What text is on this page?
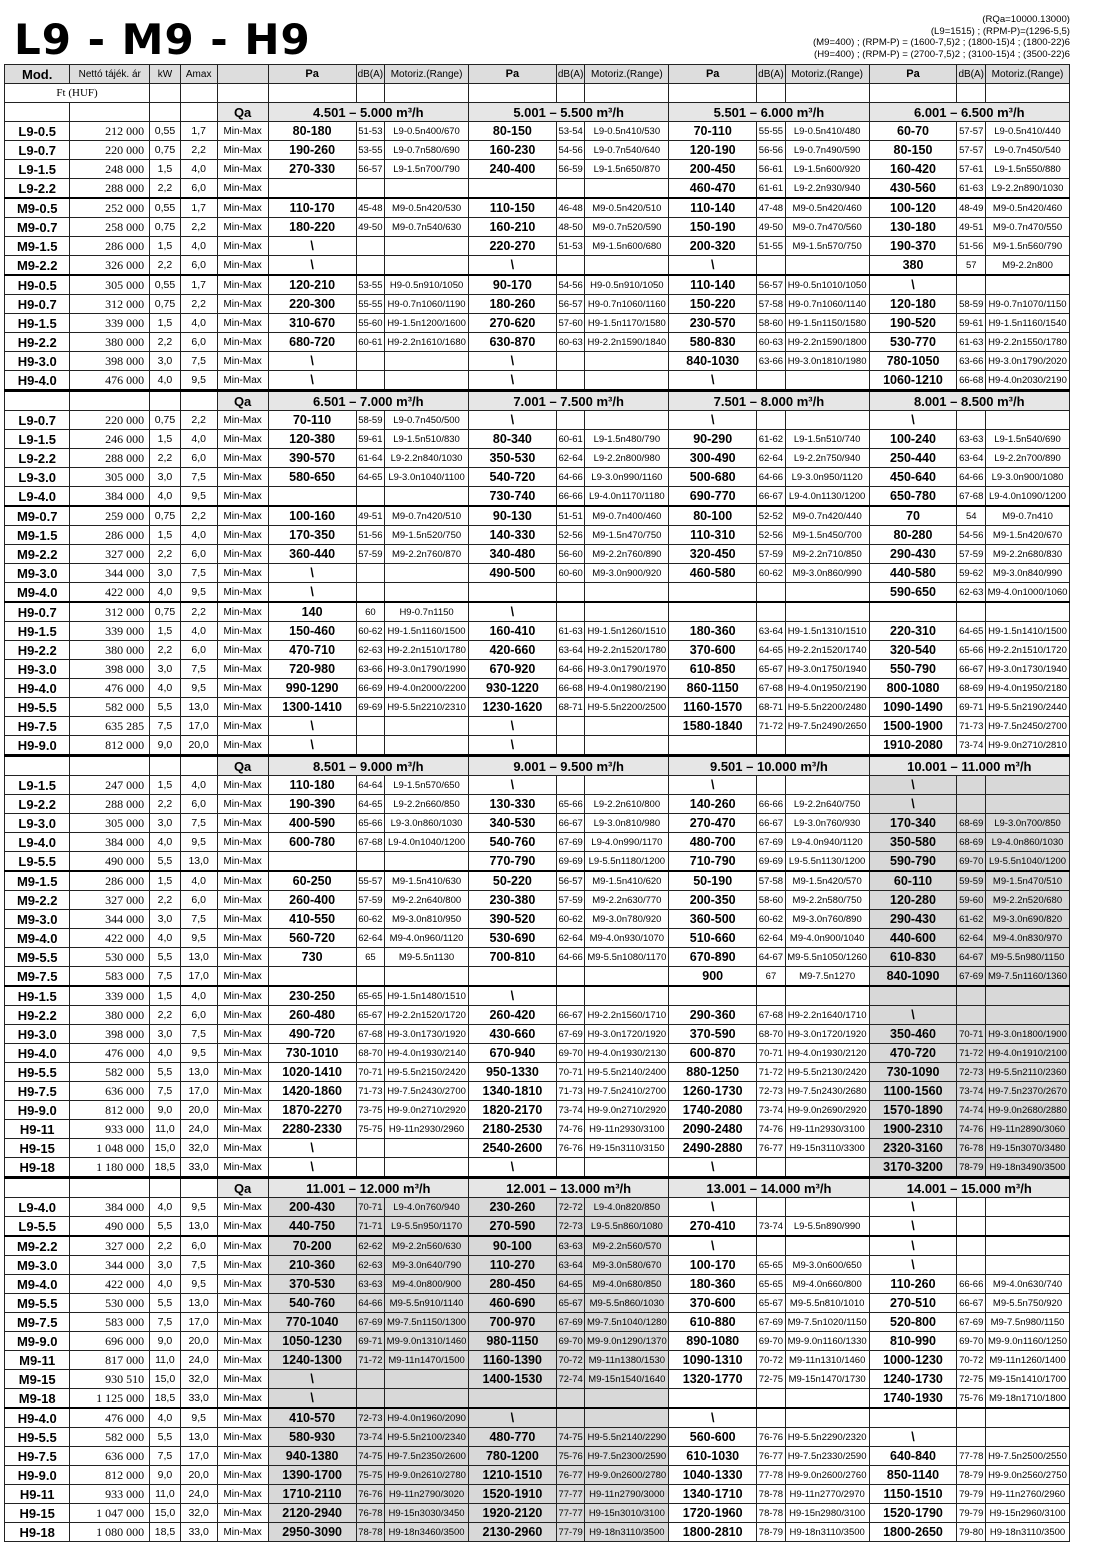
L9 - M9 - H9	(RQa=10000.13000)
(L9=1515) ; (RPM-P)=(1296-5,5)
(M9=400) ; (RPM-P) = (1600-7,5)2 ; (1800-15)4 ; (1800-22)6
(H9=400) ; (RPM-P) = (2700-7,5)2 ; (3100-15)4 ; (3500-22)6
Mod.	Nettó tájék. ár	kW	Amax		Pa	dB(A)	Motoriz.(Range)	Pa	dB(A)	Motoriz.(Range)	Pa	dB(A)	Motoriz.(Range)	Pa	dB(A)	Motoriz.(Range)
Ft (HUF)																
				Qa	4.501 – 5.000 m³/h			5.001 – 5.500 m³/h			5.501 – 6.000 m³/h			6.001 – 6.500 m³/h		
L9-0.5	212 000	0,55	1,7	Min-Max	80-180	51-53	L9-0.5n400/670	80-150	53-54	L9-0.5n410/530	70-110	55-55	L9-0.5n410/480	60-70	57-57	L9-0.5n410/440
L9-0.7	220 000	0,75	2,2	Min-Max	190-260	53-55	L9-0.7n580/690	160-230	54-56	L9-0.7n540/640	120-190	56-56	L9-0.7n490/590	80-150	57-57	L9-0.7n450/540
L9-1.5	248 000	1,5	4,0	Min-Max	270-330	56-57	L9-1.5n700/790	240-400	56-59	L9-1.5n650/870	200-450	56-61	L9-1.5n600/920	160-420	57-61	L9-1.5n550/880
L9-2.2	288 000	2,2	6,0	Min-Max							460-470	61-61	L9-2.2n930/940	430-560	61-63	L9-2.2n890/1030
M9-0.5	252 000	0,55	1,7	Min-Max	110-170	45-48	M9-0.5n420/530	110-150	46-48	M9-0.5n420/510	110-140	47-48	M9-0.5n420/460	100-120	48-49	M9-0.5n420/460
M9-0.7	258 000	0,75	2,2	Min-Max	180-220	49-50	M9-0.7n540/630	160-210	48-50	M9-0.7n520/590	150-190	49-50	M9-0.7n470/560	130-180	49-51	M9-0.7n470/550
M9-1.5	286 000	1,5	4,0	Min-Max	\			220-270	51-53	M9-1.5n600/680	200-320	51-55	M9-1.5n570/750	190-370	51-56	M9-1.5n560/790
M9-2.2	326 000	2,2	6,0	Min-Max	\			\			\			380	57	M9-2.2n800
H9-0.5	305 000	0,55	1,7	Min-Max	120-210	53-55	H9-0.5n910/1050	90-170	54-56	H9-0.5n910/1050	110-140	56-57	H9-0.5n1010/1050	\		
H9-0.7	312 000	0,75	2,2	Min-Max	220-300	55-55	H9-0.7n1060/1190	180-260	56-57	H9-0.7n1060/1160	150-220	57-58	H9-0.7n1060/1140	120-180	58-59	H9-0.7n1070/1150
H9-1.5	339 000	1,5	4,0	Min-Max	310-670	55-60	H9-1.5n1200/1600	270-620	57-60	H9-1.5n1170/1580	230-570	58-60	H9-1.5n1150/1580	190-520	59-61	H9-1.5n1160/1540
H9-2.2	380 000	2,2	6,0	Min-Max	680-720	60-61	H9-2.2n1610/1680	630-870	60-63	H9-2.2n1590/1840	580-830	60-63	H9-2.2n1590/1800	530-770	61-63	H9-2.2n1550/1780
H9-3.0	398 000	3,0	7,5	Min-Max	\			\			840-1030	63-66	H9-3.0n1810/1980	780-1050	63-66	H9-3.0n1790/2020
H9-4.0	476 000	4,0	9,5	Min-Max	\			\			\			1060-1210	66-68	H9-4.0n2030/2190
				Qa	6.501 – 7.000 m³/h			7.001 – 7.500 m³/h			7.501 – 8.000 m³/h			8.001 – 8.500 m³/h		
L9-0.7	220 000	0,75	2,2	Min-Max	70-110	58-59	L9-0.7n450/500	\			\			\		
L9-1.5	246 000	1,5	4,0	Min-Max	120-380	59-61	L9-1.5n510/830	80-340	60-61	L9-1.5n480/790	90-290	61-62	L9-1.5n510/740	100-240	63-63	L9-1.5n540/690
L9-2.2	288 000	2,2	6,0	Min-Max	390-570	61-64	L9-2.2n840/1030	350-530	62-64	L9-2.2n800/980	300-490	62-64	L9-2.2n750/940	250-440	63-64	L9-2.2n700/890
L9-3.0	305 000	3,0	7,5	Min-Max	580-650	64-65	L9-3.0n1040/1100	540-720	64-66	L9-3.0n990/1160	500-680	64-66	L9-3.0n950/1120	450-640	64-66	L9-3.0n900/1080
L9-4.0	384 000	4,0	9,5	Min-Max				730-740	66-66	L9-4.0n1170/1180	690-770	66-67	L9-4.0n1130/1200	650-780	67-68	L9-4.0n1090/1200
M9-0.7	259 000	0,75	2,2	Min-Max	100-160	49-51	M9-0.7n420/510	90-130	51-51	M9-0.7n400/460	80-100	52-52	M9-0.7n420/440	70	54	M9-0.7n410
M9-1.5	286 000	1,5	4,0	Min-Max	170-350	51-56	M9-1.5n520/750	140-330	52-56	M9-1.5n470/750	110-310	52-56	M9-1.5n450/700	80-280	54-56	M9-1.5n420/670
M9-2.2	327 000	2,2	6,0	Min-Max	360-440	57-59	M9-2.2n760/870	340-480	56-60	M9-2.2n760/890	320-450	57-59	M9-2.2n710/850	290-430	57-59	M9-2.2n680/830
M9-3.0	344 000	3,0	7,5	Min-Max	\			490-500	60-60	M9-3.0n900/920	460-580	60-62	M9-3.0n860/990	440-580	59-62	M9-3.0n840/990
M9-4.0	422 000	4,0	9,5	Min-Max	\									590-650	62-63	M9-4.0n1000/1060
H9-0.7	312 000	0,75	2,2	Min-Max	140	60	H9-0.7n1150	\								
H9-1.5	339 000	1,5	4,0	Min-Max	150-460	60-62	H9-1.5n1160/1500	160-410	61-63	H9-1.5n1260/1510	180-360	63-64	H9-1.5n1310/1510	220-310	64-65	H9-1.5n1410/1500
H9-2.2	380 000	2,2	6,0	Min-Max	470-710	62-63	H9-2.2n1510/1780	420-660	63-64	H9-2.2n1520/1780	370-600	64-65	H9-2.2n1520/1740	320-540	65-66	H9-2.2n1510/1720
H9-3.0	398 000	3,0	7,5	Min-Max	720-980	63-66	H9-3.0n1790/1990	670-920	64-66	H9-3.0n1790/1970	610-850	65-67	H9-3.0n1750/1940	550-790	66-67	H9-3.0n1730/1940
H9-4.0	476 000	4,0	9,5	Min-Max	990-1290	66-69	H9-4.0n2000/2200	930-1220	66-68	H9-4.0n1980/2190	860-1150	67-68	H9-4.0n1950/2190	800-1080	68-69	H9-4.0n1950/2180
H9-5.5	582 000	5,5	13,0	Min-Max	1300-1410	69-69	H9-5.5n2210/2310	1230-1620	68-71	H9-5.5n2200/2500	1160-1570	68-71	H9-5.5n2200/2480	1090-1490	69-71	H9-5.5n2190/2440
H9-7.5	635 285	7,5	17,0	Min-Max	\			\			1580-1840	71-72	H9-7.5n2490/2650	1500-1900	71-73	H9-7.5n2450/2700
H9-9.0	812 000	9,0	20,0	Min-Max	\			\						1910-2080	73-74	H9-9.0n2710/2810
				Qa	8.501 – 9.000 m³/h			9.001 – 9.500 m³/h			9.501 – 10.000 m³/h			10.001 – 11.000 m³/h		
L9-1.5	247 000	1,5	4,0	Min-Max	110-180	64-64	L9-1.5n570/650	\			\			\		
L9-2.2	288 000	2,2	6,0	Min-Max	190-390	64-65	L9-2.2n660/850	130-330	65-66	L9-2.2n610/800	140-260	66-66	L9-2.2n640/750	\		
L9-3.0	305 000	3,0	7,5	Min-Max	400-590	65-66	L9-3.0n860/1030	340-530	66-67	L9-3.0n810/980	270-470	66-67	L9-3.0n760/930	170-340	68-69	L9-3.0n700/850
L9-4.0	384 000	4,0	9,5	Min-Max	600-780	67-68	L9-4.0n1040/1200	540-760	67-69	L9-4.0n990/1170	480-700	67-69	L9-4.0n940/1120	350-580	68-69	L9-4.0n860/1030
L9-5.5	490 000	5,5	13,0	Min-Max				770-790	69-69	L9-5.5n1180/1200	710-790	69-69	L9-5.5n1130/1200	590-790	69-70	L9-5.5n1040/1200
M9-1.5	286 000	1,5	4,0	Min-Max	60-250	55-57	M9-1.5n410/630	50-220	56-57	M9-1.5n410/620	50-190	57-58	M9-1.5n420/570	60-110	59-59	M9-1.5n470/510
M9-2.2	327 000	2,2	6,0	Min-Max	260-400	57-59	M9-2.2n640/800	230-380	57-59	M9-2.2n630/770	200-350	58-60	M9-2.2n580/750	120-280	59-60	M9-2.2n520/680
M9-3.0	344 000	3,0	7,5	Min-Max	410-550	60-62	M9-3.0n810/950	390-520	60-62	M9-3.0n780/920	360-500	60-62	M9-3.0n760/890	290-430	61-62	M9-3.0n690/820
M9-4.0	422 000	4,0	9,5	Min-Max	560-720	62-64	M9-4.0n960/1120	530-690	62-64	M9-4.0n930/1070	510-660	62-64	M9-4.0n900/1040	440-600	62-64	M9-4.0n830/970
M9-5.5	530 000	5,5	13,0	Min-Max	730	65	M9-5.5n1130	700-810	64-66	M9-5.5n1080/1170	670-890	64-67	M9-5.5n1050/1260	610-830	64-67	M9-5.5n980/1150
M9-7.5	583 000	7,5	17,0	Min-Max							900	67	M9-7.5n1270	840-1090	67-69	M9-7.5n1160/1360
H9-1.5	339 000	1,5	4,0	Min-Max	230-250	65-65	H9-1.5n1480/1510	\								
H9-2.2	380 000	2,2	6,0	Min-Max	260-480	65-67	H9-2.2n1520/1720	260-420	66-67	H9-2.2n1560/1710	290-360	67-68	H9-2.2n1640/1710	\		
H9-3.0	398 000	3,0	7,5	Min-Max	490-720	67-68	H9-3.0n1730/1920	430-660	67-69	H9-3.0n1720/1920	370-590	68-70	H9-3.0n1720/1920	350-460	70-71	H9-3.0n1800/1900
H9-4.0	476 000	4,0	9,5	Min-Max	730-1010	68-70	H9-4.0n1930/2140	670-940	69-70	H9-4.0n1930/2130	600-870	70-71	H9-4.0n1930/2120	470-720	71-72	H9-4.0n1910/2100
H9-5.5	582 000	5,5	13,0	Min-Max	1020-1410	70-71	H9-5.5n2150/2420	950-1330	70-71	H9-5.5n2140/2400	880-1250	71-72	H9-5.5n2130/2420	730-1090	72-73	H9-5.5n2110/2360
H9-7.5	636 000	7,5	17,0	Min-Max	1420-1860	71-73	H9-7.5n2430/2700	1340-1810	71-73	H9-7.5n2410/2700	1260-1730	72-73	H9-7.5n2430/2680	1100-1560	73-74	H9-7.5n2370/2670
H9-9.0	812 000	9,0	20,0	Min-Max	1870-2270	73-75	H9-9.0n2710/2920	1820-2170	73-74	H9-9.0n2710/2920	1740-2080	73-74	H9-9.0n2690/2920	1570-1890	74-74	H9-9.0n2680/2880
H9-11	933 000	11,0	24,0	Min-Max	2280-2330	75-75	H9-11n2930/2960	2180-2530	74-76	H9-11n2930/3100	2090-2480	74-76	H9-11n2930/3100	1900-2310	74-76	H9-11n2890/3060
H9-15	1 048 000	15,0	32,0	Min-Max	\			2540-2600	76-76	H9-15n3110/3150	2490-2880	76-77	H9-15n3110/3300	2320-3160	76-78	H9-15n3070/3480
H9-18	1 180 000	18,5	33,0	Min-Max	\			\			\			3170-3200	78-79	H9-18n3490/3500
				Qa	11.001 – 12.000 m³/h			12.001 – 13.000 m³/h			13.001 – 14.000 m³/h			14.001 – 15.000 m³/h		
L9-4.0	384 000	4,0	9,5	Min-Max	200-430	70-71	L9-4.0n760/940	230-260	72-72	L9-4.0n820/850	\			\		
L9-5.5	490 000	5,5	13,0	Min-Max	440-750	71-71	L9-5.5n950/1170	270-590	72-73	L9-5.5n860/1080	270-410	73-74	L9-5.5n890/990	\		
M9-2.2	327 000	2,2	6,0	Min-Max	70-200	62-62	M9-2.2n560/630	90-100	63-63	M9-2.2n560/570	\			\		
M9-3.0	344 000	3,0	7,5	Min-Max	210-360	62-63	M9-3.0n640/790	110-270	63-64	M9-3.0n580/670	100-170	65-65	M9-3.0n600/650	\		
M9-4.0	422 000	4,0	9,5	Min-Max	370-530	63-63	M9-4.0n800/900	280-450	64-65	M9-4.0n680/850	180-360	65-65	M9-4.0n660/800	110-260	66-66	M9-4.0n630/740
M9-5.5	530 000	5,5	13,0	Min-Max	540-760	64-66	M9-5.5n910/1140	460-690	65-67	M9-5.5n860/1030	370-600	65-67	M9-5.5n810/1010	270-510	66-67	M9-5.5n750/920
M9-7.5	583 000	7,5	17,0	Min-Max	770-1040	67-69	M9-7.5n1150/1300	700-970	67-69	M9-7.5n1040/1280	610-880	67-69	M9-7.5n1020/1150	520-800	67-69	M9-7.5n980/1150
M9-9.0	696 000	9,0	20,0	Min-Max	1050-1230	69-71	M9-9.0n1310/1460	980-1150	69-70	M9-9.0n1290/1370	890-1080	69-70	M9-9.0n1160/1330	810-990	69-70	M9-9.0n1160/1250
M9-11	817 000	11,0	24,0	Min-Max	1240-1300	71-72	M9-11n1470/1500	1160-1390	70-72	M9-11n1380/1530	1090-1310	70-72	M9-11n1310/1460	1000-1230	70-72	M9-11n1260/1400
M9-15	930 510	15,0	32,0	Min-Max	\			1400-1530	72-74	M9-15n1540/1640	1320-1770	72-75	M9-15n1470/1730	1240-1730	72-75	M9-15n1410/1700
M9-18	1 125 000	18,5	33,0	Min-Max	\									1740-1930	75-76	M9-18n1710/1800
H9-4.0	476 000	4,0	9,5	Min-Max	410-570	72-73	H9-4.0n1960/2090	\			\					
H9-5.5	582 000	5,5	13,0	Min-Max	580-930	73-74	H9-5.5n2100/2340	480-770	74-75	H9-5.5n2140/2290	560-600	76-76	H9-5.5n2290/2320	\		
H9-7.5	636 000	7,5	17,0	Min-Max	940-1380	74-75	H9-7.5n2350/2600	780-1200	75-76	H9-7.5n2300/2590	610-1030	76-77	H9-7.5n2330/2590	640-840	77-78	H9-7.5n2500/2550
H9-9.0	812 000	9,0	20,0	Min-Max	1390-1700	75-75	H9-9.0n2610/2780	1210-1510	76-77	H9-9.0n2600/2780	1040-1330	77-78	H9-9.0n2600/2760	850-1140	78-79	H9-9.0n2560/2750
H9-11	933 000	11,0	24,0	Min-Max	1710-2110	76-76	H9-11n2790/3020	1520-1910	77-77	H9-11n2790/3000	1340-1710	78-78	H9-11n2770/2970	1150-1510	79-79	H9-11n2760/2960
H9-15	1 047 000	15,0	32,0	Min-Max	2120-2940	76-78	H9-15n3030/3450	1920-2120	77-77	H9-15n3010/3100	1720-1960	78-78	H9-15n2980/3100	1520-1790	79-79	H9-15n2960/3100
H9-18	1 080 000	18,5	33,0	Min-Max	2950-3090	78-78	H9-18n3460/3500	2130-2960	77-79	H9-18n3110/3500	1800-2810	78-79	H9-18n3110/3500	1800-2650	79-80	H9-18n3110/3500
